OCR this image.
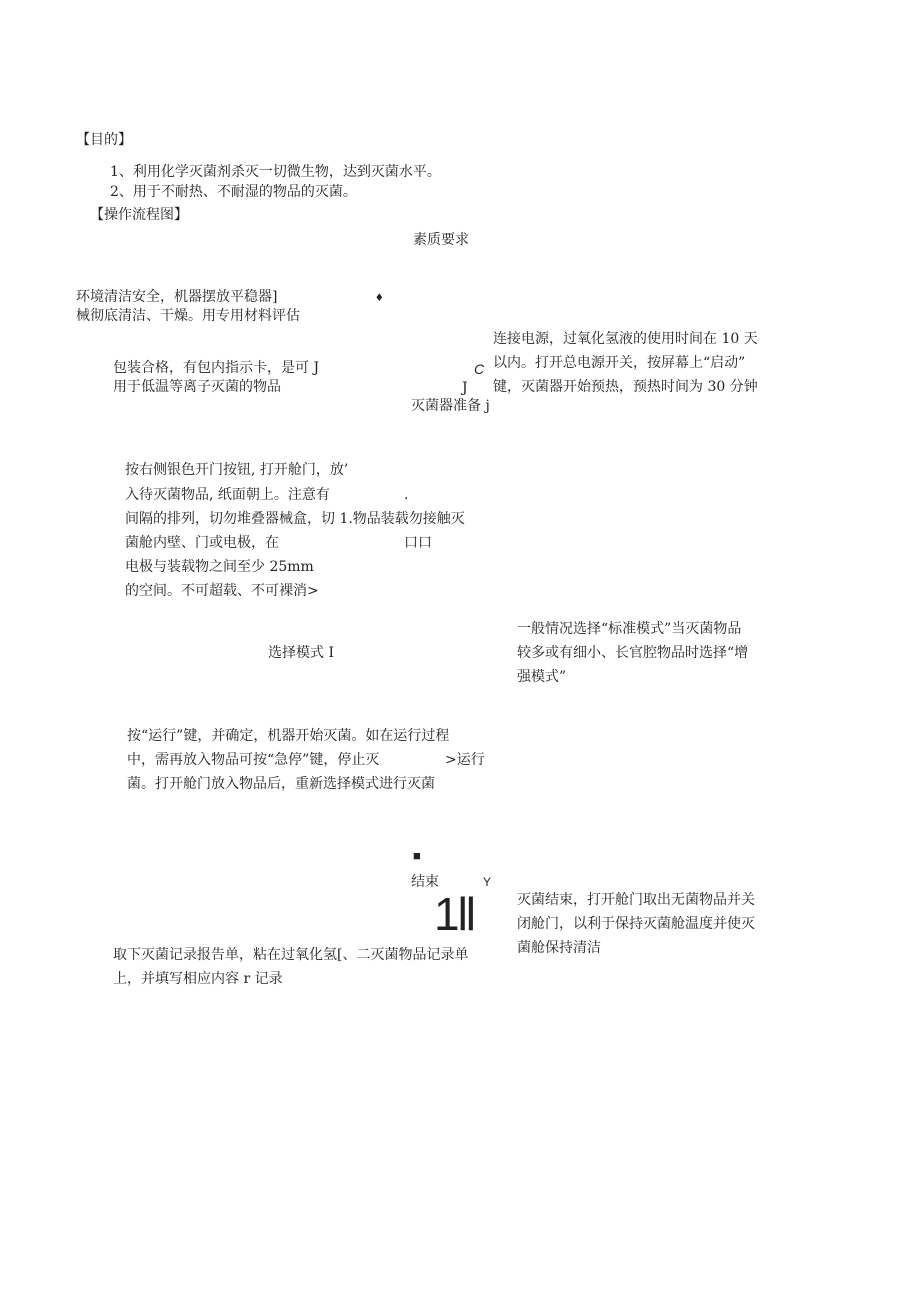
【目的】
1、利用化学灭菌剂杀灭一切微生物，达到灭菌水平。
2、用于不耐热、不耐湿的物品的灭菌。
【操作流程图】
素质要求
环境清洁安全，机器摆放平稳器]
械彻底清洁、干燥。用专用材料评估
♦
连接电源，过氧化氢液的使用时间在 10 天
以内。打开总电源开关，按屏幕上“启动”
键，灭菌器开始预热，预热时间为 30 分钟
包装合格，有包内指示卡，是可 J
用于低温等离子灭菌的物品
C
J
灭菌器准备 j
按右侧银色开门按钮, 打开舱门，放’
入待灭菌物品, 纸面朝上。注意有	.
间隔的排列，切勿堆叠器械盒，切 1.物品装载勿接触灭
菌舱内壁、门或电极，在	口口
电极与装载物之间至少 25mm
的空间。不可超载、不可裸消>
一般情况选择“标准模式”当灭菌物品
选择模式 I	较多或有细小、长官腔物品时选择“增
强模式”
按“运行”键，并确定，机器开始灭菌。如在运行过程
中，需再放入物品可按“急停”键，停止灭	>运行
菌。打开舱门放入物品后，重新选择模式进行灭菌
■
结束	Y
1ll	灭菌结束，打开舱门取出无菌物品并关
闭舱门，以利于保持灭菌舱温度并使灭
菌舱保持清洁
取下灭菌记录报告单，粘在过氧化氢[、二灭菌物品记录单
上，并填写相应内容 r 记录
